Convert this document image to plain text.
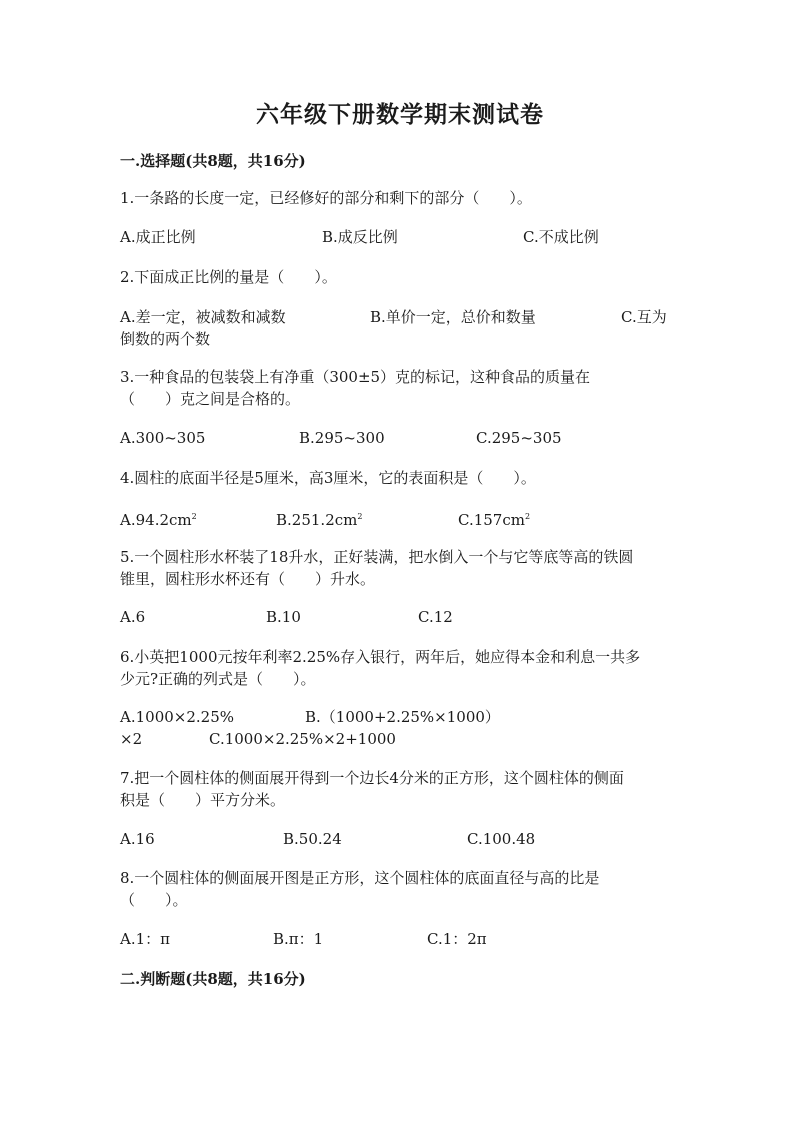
六年级下册数学期末测试卷
一.选择题(共8题，共16分)
1.一条路的长度一定，已经修好的部分和剩下的部分（　　）。
A.成正比例	B.成反比例	C.不成比例
2.下面成正比例的量是（　　）。
A.差一定，被减数和减数	B.单价一定，总价和数量	C.互为
倒数的两个数
3.一种食品的包装袋上有净重（300±5）克的标记，这种食品的质量在
（　　）克之间是合格的。
A.300~305	B.295~300	C.295~305
4.圆柱的底面半径是5厘米，高3厘米，它的表面积是（　　）。
$A.94.2cm^2$	$B.251.2cm^2$	$C.157cm^2$
5.一个圆柱形水杯装了18升水，正好装满，把水倒入一个与它等底等高的铁圆
锥里，圆柱形水杯还有（　　）升水。
A.6	B.10	C.12
6.小英把1000元按年利率2.25%存入银行，两年后，她应得本金和利息一共多
少元?正确的列式是（　　）。
A.1000×2.25%	B.（1000+2.25%×1000）
×2	C.1000×2.25%×2+1000
7.把一个圆柱体的侧面展开得到一个边长4分米的正方形，这个圆柱体的侧面
积是（　　）平方分米。
A.16	B.50.24	C.100.48
8.一个圆柱体的侧面展开图是正方形，这个圆柱体的底面直径与高的比是
（　　）。
A.1：π	B.π：1	C.1：2π
二.判断题(共8题，共16分)
